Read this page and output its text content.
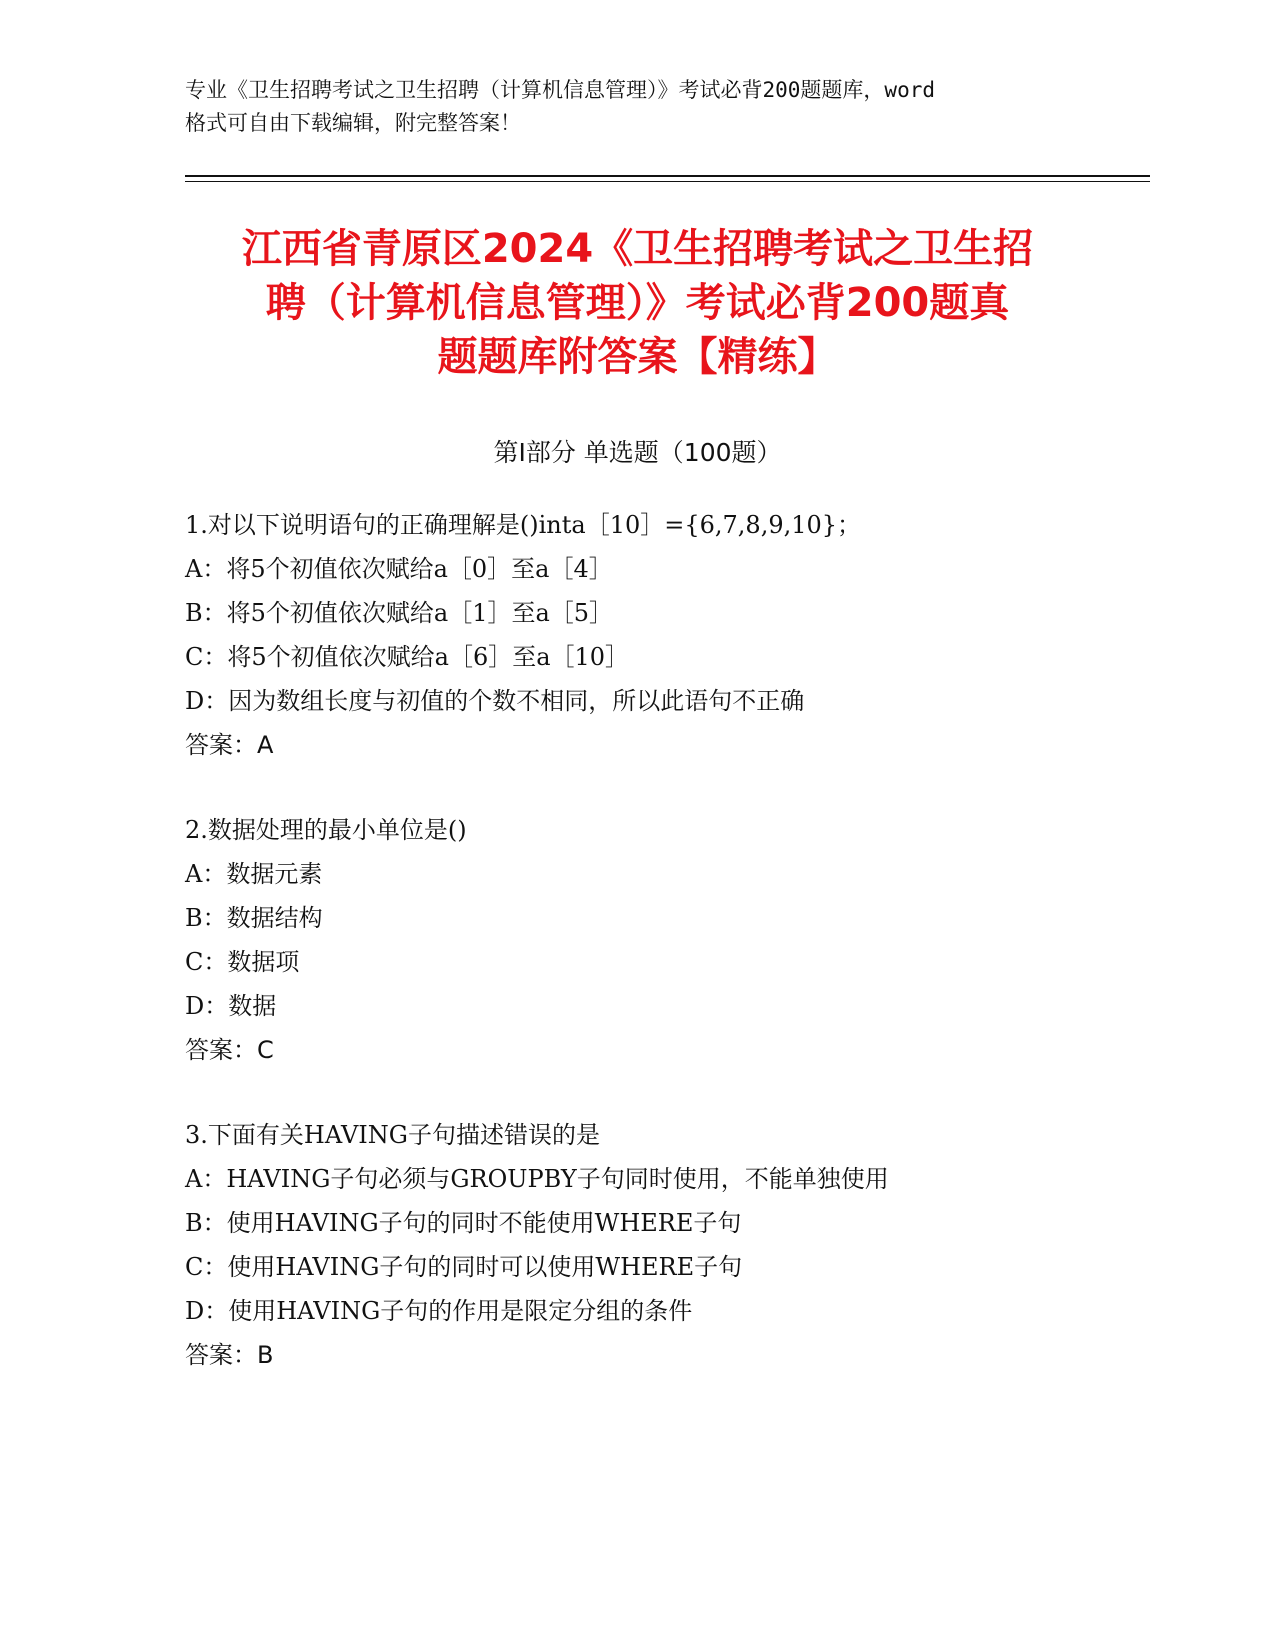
专业《卫生招聘考试之卫生招聘（计算机信息管理）》考试必背200题题库，word
格式可自由下载编辑，附完整答案！
江西省青原区2024《卫生招聘考试之卫生招
聘（计算机信息管理）》考试必背200题真
题题库附答案【精练】
第Ⅰ部分 单选题（100题）
1.对以下说明语句的正确理解是()inta［10］={6,7,8,9,10}；
A：将5个初值依次赋给a［0］至a［4］
B：将5个初值依次赋给a［1］至a［5］
C：将5个初值依次赋给a［6］至a［10］
D：因为数组长度与初值的个数不相同，所以此语句不正确
答案：A
2.数据处理的最小单位是()
A：数据元素
B：数据结构
C：数据项
D：数据
答案：C
3.下面有关HAVING子句描述错误的是
A：HAVING子句必须与GROUPBY子句同时使用，不能单独使用
B：使用HAVING子句的同时不能使用WHERE子句
C：使用HAVING子句的同时可以使用WHERE子句
D：使用HAVING子句的作用是限定分组的条件
答案：B
